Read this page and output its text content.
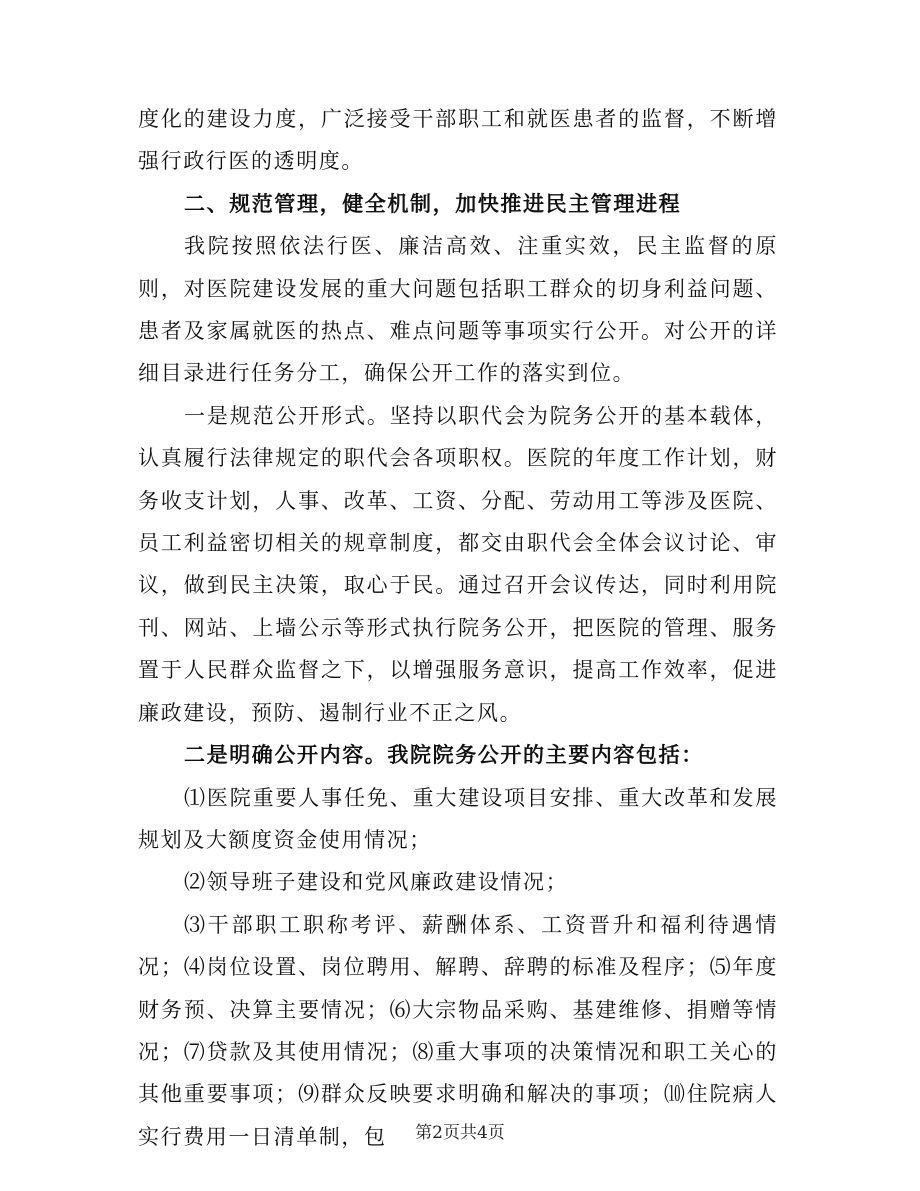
度化的建设力度，广泛接受干部职工和就医患者的监督，不断增强行政行医的透明度。

二、规范管理，健全机制，加快推进民主管理进程

我院按照依法行医、廉洁高效、注重实效，民主监督的原则，对医院建设发展的重大问题包括职工群众的切身利益问题、患者及家属就医的热点、难点问题等事项实行公开。对公开的详细目录进行任务分工，确保公开工作的落实到位。

一是规范公开形式。坚持以职代会为院务公开的基本载体，认真履行法律规定的职代会各项职权。医院的年度工作计划，财务收支计划，人事、改革、工资、分配、劳动用工等涉及医院、员工利益密切相关的规章制度，都交由职代会全体会议讨论、审议，做到民主决策，取心于民。通过召开会议传达，同时利用院刊、网站、上墙公示等形式执行院务公开，把医院的管理、服务置于人民群众监督之下，以增强服务意识，提高工作效率，促进廉政建设，预防、遏制行业不正之风。

二是明确公开内容。我院院务公开的主要内容包括：

⑴医院重要人事任免、重大建设项目安排、重大改革和发展规划及大额度资金使用情况；

⑵领导班子建设和党风廉政建设情况；

⑶干部职工职称考评、薪酬体系、工资晋升和福利待遇情况；⑷岗位设置、岗位聘用、解聘、辞聘的标准及程序；⑸年度财务预、决算主要情况；⑹大宗物品采购、基建维修、捐赠等情况；⑺贷款及其使用情况；⑻重大事项的决策情况和职工关心的其他重要事项；⑼群众反映要求明确和解决的事项；⑽住院病人实行费用一日清单制，包	第2页共4页
